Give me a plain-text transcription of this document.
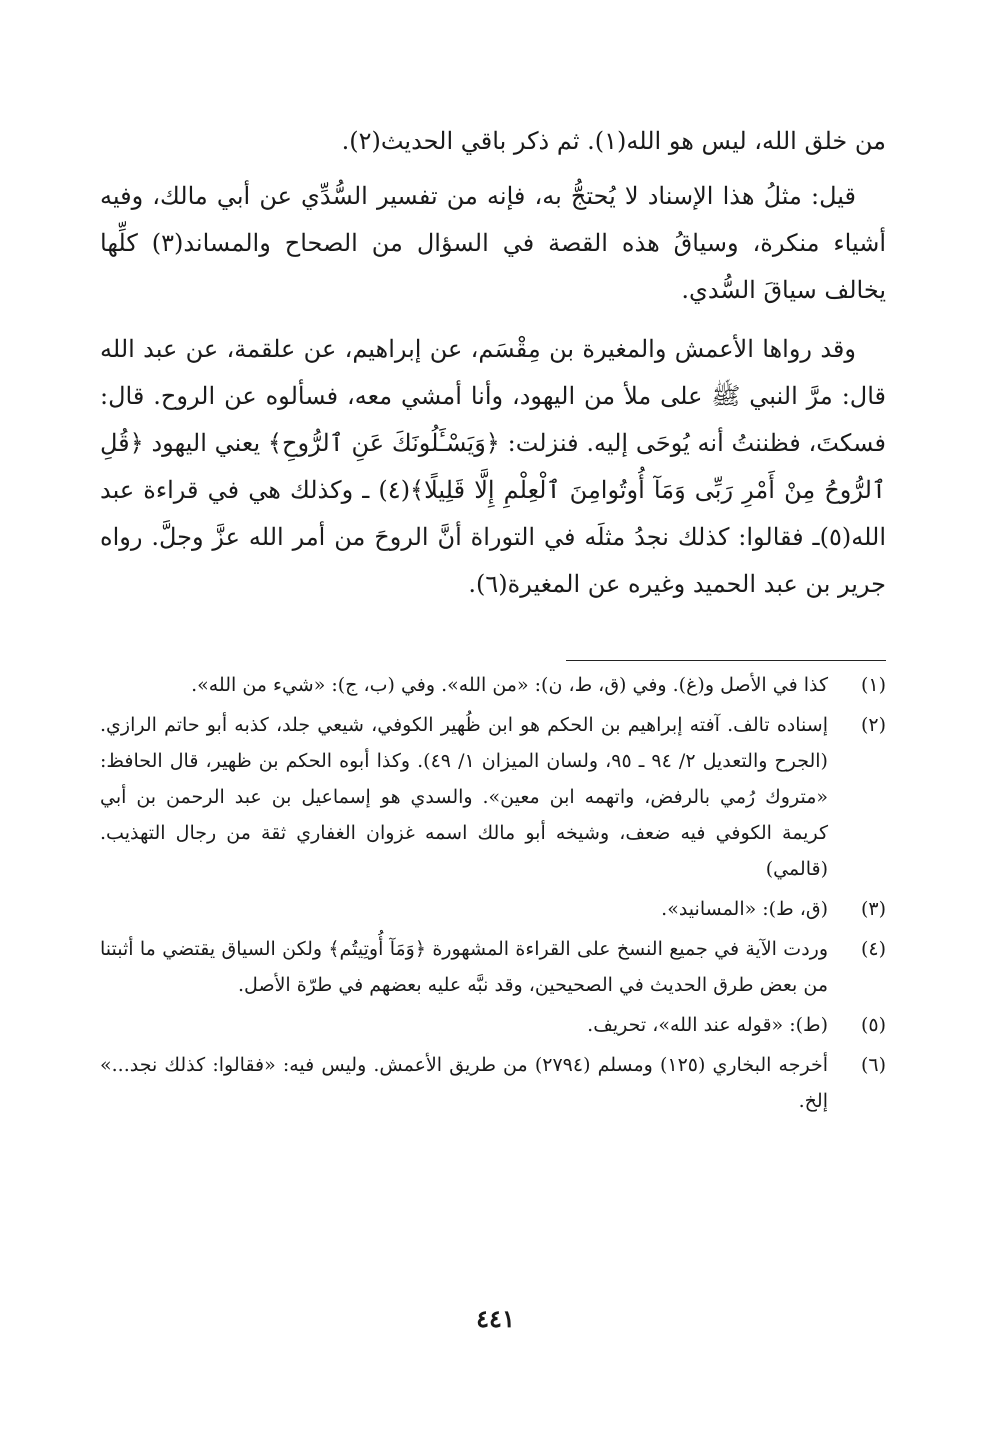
من خلق الله، ليس هو الله(١). ثم ذكر باقي الحديث(٢).

قيل: مثلُ هذا الإسناد لا يُحتجُّ به، فإنه من تفسير السُّدِّي عن أبي مالك، وفيه أشياء منكرة، وسياقُ هذه القصة في السؤال من الصحاح والمساند(٣) كلِّها يخالف سياقَ السُّدي.

وقد رواها الأعمش والمغيرة بن مِقْسَم، عن إبراهيم، عن علقمة، عن عبد الله قال: مرَّ النبي ﷺ على ملأ من اليهود، وأنا أمشي معه، فسألوه عن الروح. قال: فسكتَ، فظننتُ أنه يُوحَى إليه. فنزلت: ﴿وَيَسْـَٔلُونَكَ عَنِ ٱلرُّوحِ﴾ يعني اليهود ﴿قُلِ ٱلرُّوحُ مِنْ أَمْرِ رَبِّى وَمَآ أُوتُوامِنَ ٱلْعِلْمِ إِلَّا قَلِيلًا﴾(٤) ـ وكذلك هي في قراءة عبد الله(٥)ـ فقالوا: كذلك نجدُ مثلَه في التوراة أنَّ الروحَ من أمر الله عزَّ وجلَّ. رواه جرير بن عبد الحميد وغيره عن المغيرة(٦).

(١)
كذا في الأصل و(غ). وفي (ق، ط، ن): «من الله». وفي (ب، ج): «شيء من الله».
(٢)
إسناده تالف. آفته إبراهيم بن الحكم هو ابن ظُهير الكوفي، شيعي جلد، كذبه أبو حاتم الرازي. (الجرح والتعديل ٢/ ٩٤ ـ ٩٥، ولسان الميزان ١/ ٤٩). وكذا أبوه الحكم بن ظهير، قال الحافظ: «متروك رُمي بالرفض، واتهمه ابن معين». والسدي هو إسماعيل بن عبد الرحمن بن أبي كريمة الكوفي فيه ضعف، وشيخه أبو مالك اسمه غزوان الغفاري ثقة من رجال التهذيب. (قالمي)
(٣)
(ق، ط): «المسانيد».
(٤)
وردت الآية في جميع النسخ على القراءة المشهورة ﴿وَمَآ أُوتِيتُم﴾ ولكن السياق يقتضي ما أثبتنا من بعض طرق الحديث في الصحيحين، وقد نبَّه عليه بعضهم في طرّة الأصل.
(٥)
(ط): «قوله عند الله»، تحريف.
(٦)
أخرجه البخاري (١٢٥) ومسلم (٢٧٩٤) من طريق الأعمش. وليس فيه: «فقالوا: كذلك نجد...» إلخ.
٤٤١
